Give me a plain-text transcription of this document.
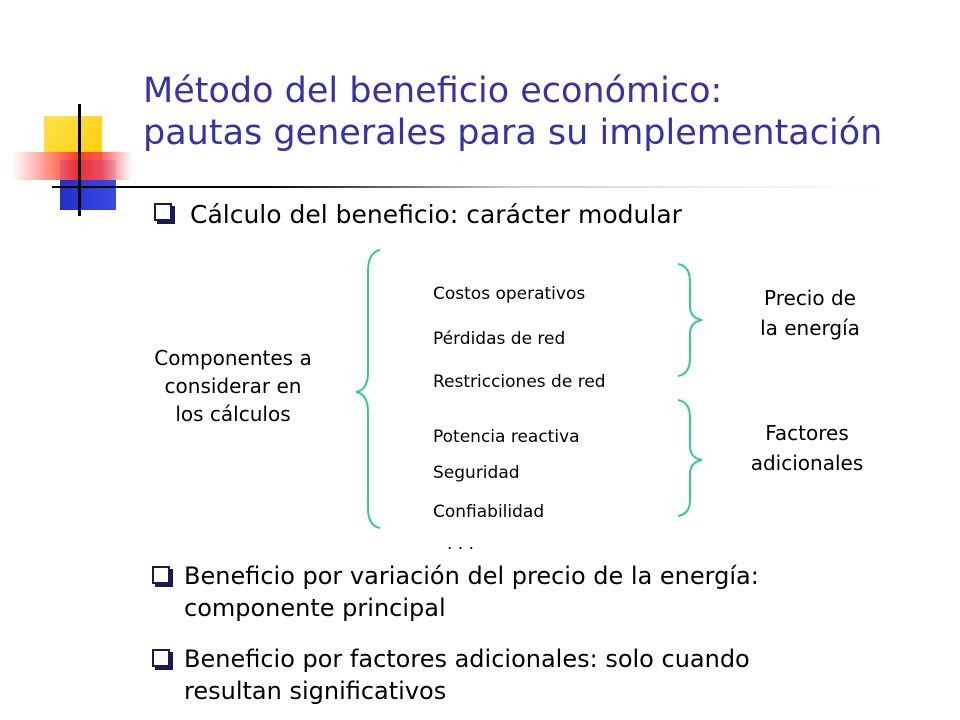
Método del beneficio económico:
pautas generales para su implementación
Cálculo del beneficio: carácter modular
Componentes a
considerar en
los cálculos
Costos operativos
Pérdidas de red
Restricciones de red
Potencia reactiva
Seguridad
Confiabilidad
. . .
Precio de
la energía
Factores
adicionales
Beneficio por variación del precio de la energía:
componente principal
Beneficio por factores adicionales: solo cuando
resultan significativos
